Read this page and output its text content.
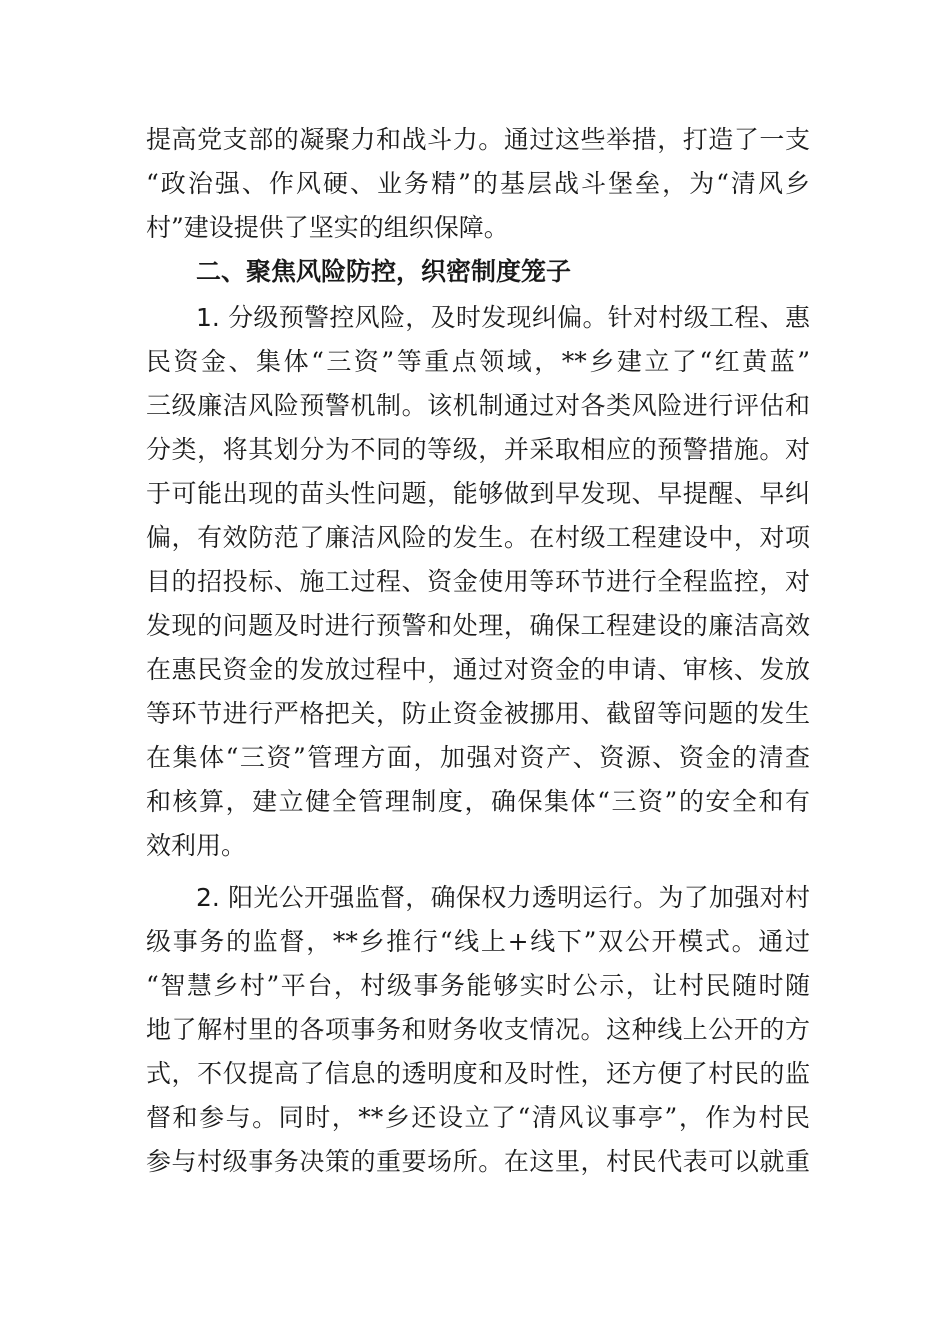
提高党支部的凝聚力和战斗力。通过这些举措，打造了一支
“政治强、作风硬、业务精”的基层战斗堡垒，为“清风乡
村”建设提供了坚实的组织保障。
二、聚焦风险防控，织密制度笼子
1. 分级预警控风险，及时发现纠偏。针对村级工程、惠
民资金、集体“三资”等重点领域，**乡建立了“红黄蓝”
三级廉洁风险预警机制。该机制通过对各类风险进行评估和
分类，将其划分为不同的等级，并采取相应的预警措施。对
于可能出现的苗头性问题，能够做到早发现、早提醒、早纠
偏，有效防范了廉洁风险的发生。在村级工程建设中，对项
目的招投标、施工过程、资金使用等环节进行全程监控，对
发现的问题及时进行预警和处理，确保工程建设的廉洁高效
在惠民资金的发放过程中，通过对资金的申请、审核、发放
等环节进行严格把关，防止资金被挪用、截留等问题的发生
在集体“三资”管理方面，加强对资产、资源、资金的清查
和核算，建立健全管理制度，确保集体“三资”的安全和有
效利用。
2. 阳光公开强监督，确保权力透明运行。为了加强对村
级事务的监督，**乡推行“线上+线下”双公开模式。通过
“智慧乡村”平台，村级事务能够实时公示，让村民随时随
地了解村里的各项事务和财务收支情况。这种线上公开的方
式，不仅提高了信息的透明度和及时性，还方便了村民的监
督和参与。同时，**乡还设立了“清风议事亭”，作为村民
参与村级事务决策的重要场所。在这里，村民代表可以就重
